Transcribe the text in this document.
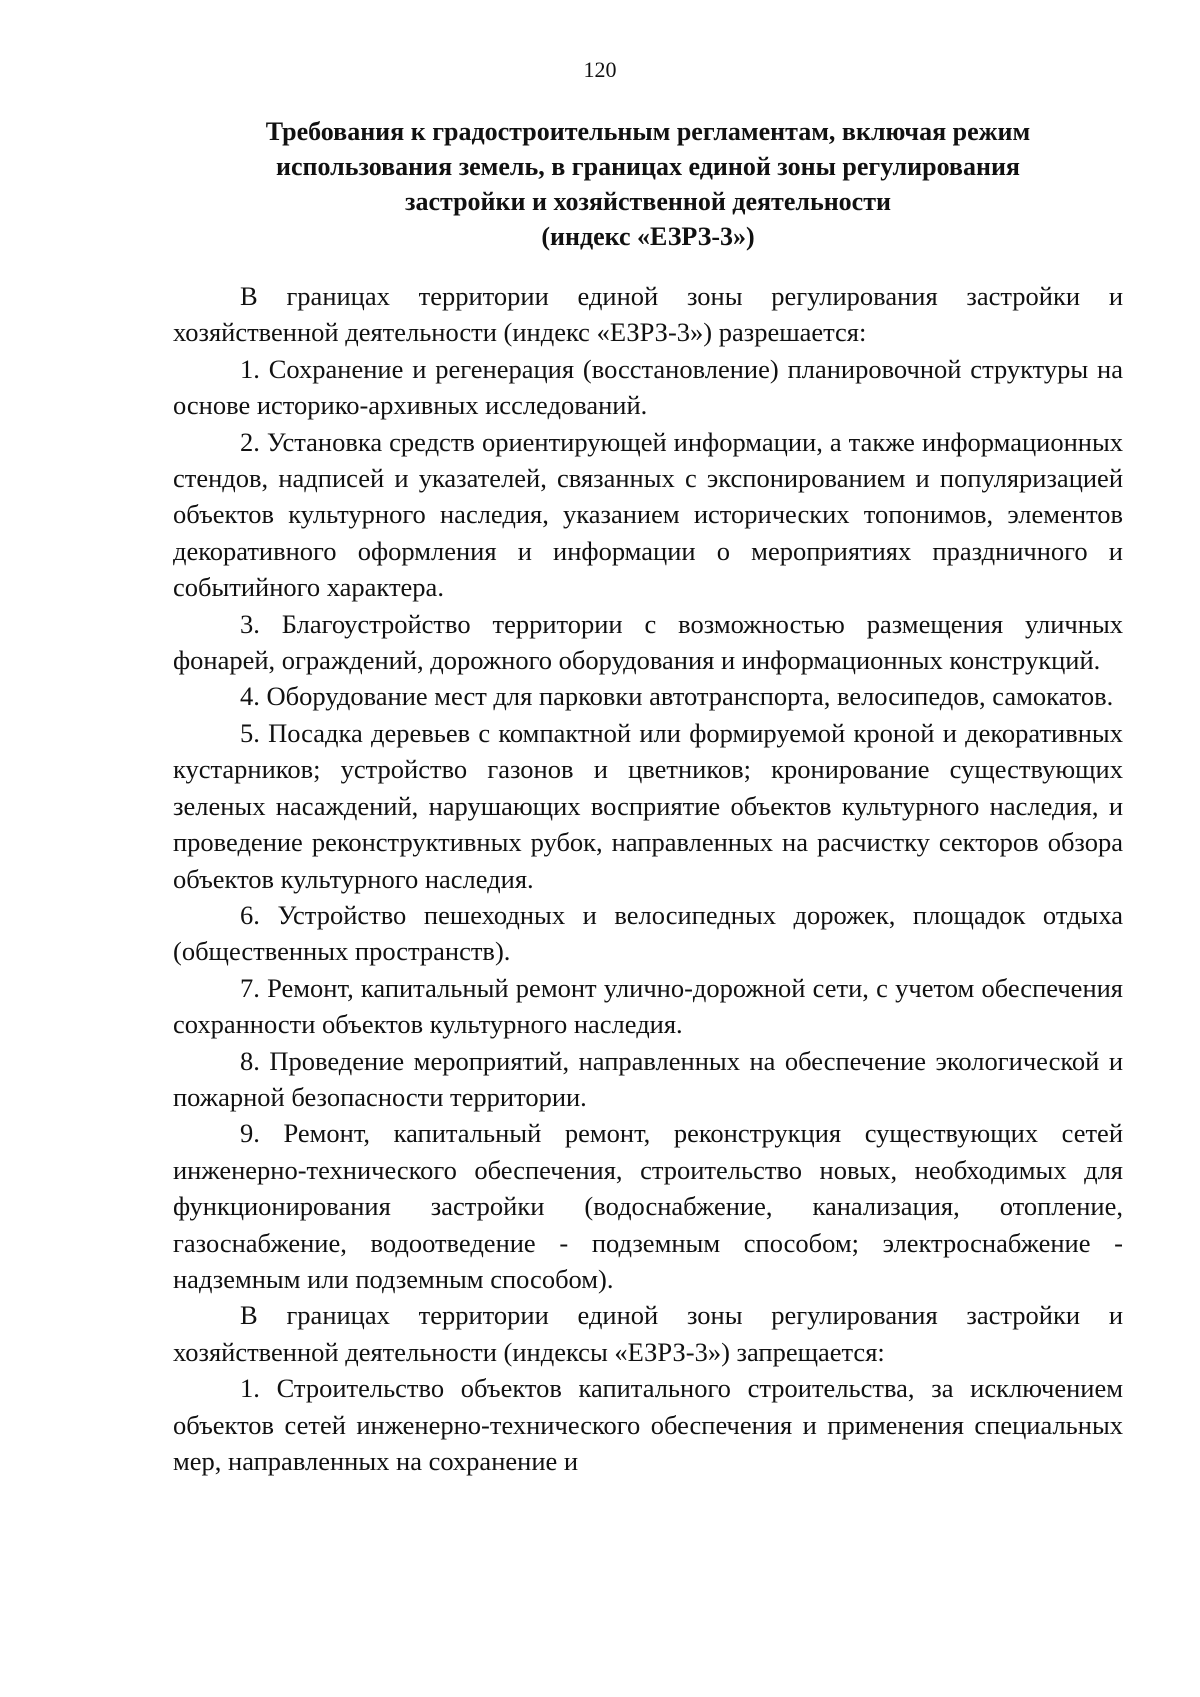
120
Требования к градостроительным регламентам, включая режим
использования земель, в границах единой зоны регулирования
застройки и хозяйственной деятельности
(индекс «ЕЗРЗ-3»)

В границах территории единой зоны регулирования застройки и хозяйственной деятельности (индекс «ЕЗРЗ-3») разрешается:

1. Сохранение и регенерация (восстановление) планировочной структуры на основе историко-архивных исследований.

2. Установка средств ориентирующей информации, а также информационных стендов, надписей и указателей, связанных с экспонированием и популяризацией объектов культурного наследия, указанием исторических топонимов, элементов декоративного оформления и информации о мероприятиях праздничного и событийного характера.

3. Благоустройство территории с возможностью размещения уличных фонарей, ограждений, дорожного оборудования и информационных конструкций.

4. Оборудование мест для парковки автотранспорта, велосипедов, самокатов.

5. Посадка деревьев с компактной или формируемой кроной и декоративных кустарников; устройство газонов и цветников; кронирование существующих зеленых насаждений, нарушающих восприятие объектов культурного наследия, и проведение реконструктивных рубок, направленных на расчистку секторов обзора объектов культурного наследия.

6. Устройство пешеходных и велосипедных дорожек, площадок отдыха (общественных пространств).

7. Ремонт, капитальный ремонт улично-дорожной сети, с учетом обеспечения сохранности объектов культурного наследия.

8. Проведение мероприятий, направленных на обеспечение экологической и пожарной безопасности территории.

9. Ремонт, капитальный ремонт, реконструкция существующих сетей инженерно-технического обеспечения, строительство новых, необходимых для функционирования застройки (водоснабжение, канализация, отопление, газоснабжение, водоотведение - подземным способом; электроснабжение - надземным или подземным способом).

В границах территории единой зоны регулирования застройки и хозяйственной деятельности (индексы «ЕЗРЗ-3») запрещается:

1. Строительство объектов капитального строительства, за исключением объектов сетей инженерно-технического обеспечения и применения специальных мер, направленных на сохранение и
